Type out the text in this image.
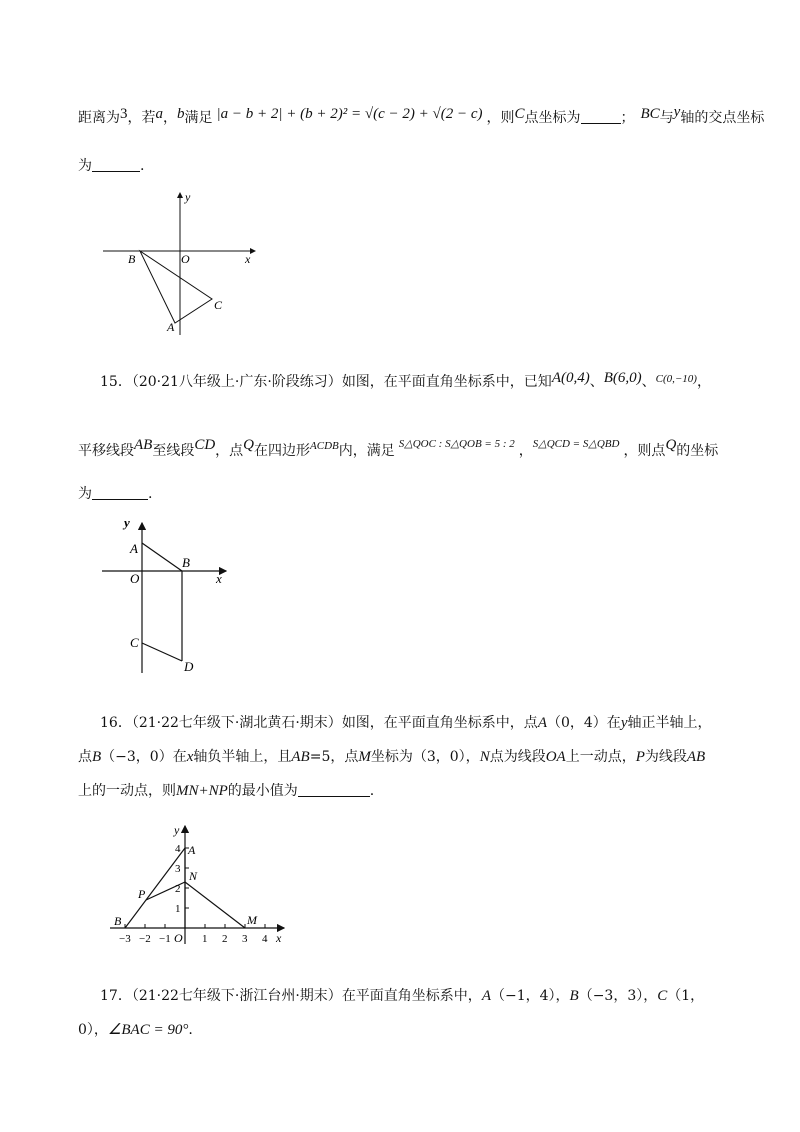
距离为3，若a，b满足 |a − b + 2| + (b + 2)² = √(c − 2) + √(2 − c) ，则C点坐标为	； BC与y轴的交点坐标
为	.
y
x
O
B
C
A
15．（20·21八年级上·广东·阶段练习）如图，在平面直角坐标系中，已知A(0,4)、B(6,0)、$^{C(0,-10)}$，
平移线段AB至线段CD，点Q在四边形$^{ACDB}$内，满足 $^{S\triangle QOC : S\triangle QOB = 5 : 2}$ ，$^{S\triangle QCD = S\triangle QBD}$ ，则点Q的坐标
为	.
y
x
A
B
O
C
D
16．（21·22七年级下·湖北黄石·期末）如图，在平面直角坐标系中，点A（0，4）在y轴正半轴上，
点B（−3，0）在x轴负半轴上，且AB=5，点M坐标为（3，0），N点为线段OA上一动点，P为线段AB
上的一动点，则MN+NP的最小值为	.
y
x
A
N
P
B	M
O
−3 −2 −1	1 2 3 4
1
2
3
4
17．（21·22七年级下·浙江台州·期末）在平面直角坐标系中，A（−1，4），B（−3，3），C（1，
0），∠BAC = 90°.
